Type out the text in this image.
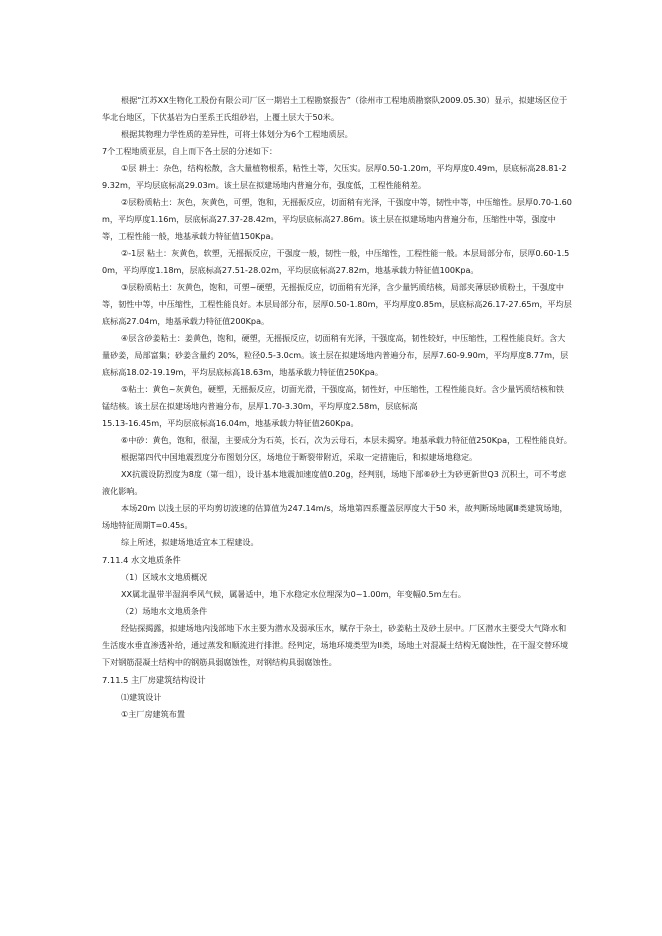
根据“江苏XX生物化工股份有限公司厂区一期岩土工程勘察报告”（徐州市工程地质勘察队2009.05.30）显示，拟建场区位于华北台地区，下伏基岩为白垩系王氏组砂岩，上覆土层大于50米。

根据其物理力学性质的差异性，可将土体划分为6个工程地质层。

7个工程地质亚层，自上而下各土层的分述如下：

①层 耕土：杂色，结构松散，含大量植物根系，粘性土等，欠压实。层厚0.50-1.20m，平均厚度0.49m，层底标高28.81-29.32m，平均层底标高29.03m。该土层在拟建场地内普遍分布，强度低，工程性能稍差。

②层粉质粘土：灰色，灰黄色，可塑，饱和，无摇振反应，切面稍有光泽，干强度中等，韧性中等，中压缩性。层厚0.70-1.60m，平均厚度1.16m，层底标高27.37-28.42m，平均层底标高27.86m。该土层在拟建场地内普遍分布，压缩性中等，强度中等，工程性能一般，地基承载力特征值150Kpa。

②-1层 粘土：灰黄色，软塑，无摇振反应，干强度一般，韧性一般，中压缩性，工程性能一般。本层局部分布，层厚0.60-1.50m，平均厚度1.18m，层底标高27.51-28.02m，平均层底标高27.82m，地基承载力特征值100Kpa。

③层粉质粘土：灰黄色，饱和，可塑~硬塑，无摇振反应，切面稍有光泽，含少量钙质结核，局部夹薄层砂质粉土，干强度中等，韧性中等，中压缩性，工程性能良好。本层局部分布，层厚0.50-1.80m，平均厚度0.85m，层底标高26.17-27.65m，平均层底标高27.04m，地基承载力特征值200Kpa。

④层含砂姜粘土：姜黄色，饱和，硬塑，无摇振反应，切面稍有光泽，干强度高，韧性较好，中压缩性，工程性能良好。含大量砂姜，局部富集；砂姜含量约 20%，粒径0.5-3.0cm。该土层在拟建场地内普遍分布，层厚7.60-9.90m，平均厚度8.77m，层底标高18.02-19.19m，平均层底标高18.63m，地基承载力特征值250Kpa。

⑤粘土：黄色~灰黄色，硬塑，无摇振反应，切面光滑，干强度高，韧性好，中压缩性，工程性能良好。含少量钙质结核和铁锰结核。该土层在拟建场地内普遍分布，层厚1.70-3.30m，平均厚度2.58m，层底标高

15.13-16.45m，平均层底标高16.04m，地基承载力特征值260Kpa。

⑥中砂：黄色，饱和，很湿，主要成分为石英，长石，次为云母石，本层未揭穿。地基承载力特征值250Kpa，工程性能良好。

根据第四代中国地震烈度分布图划分区，场地位于断裂带附近，采取一定措施后，和拟建场地稳定。

XX抗震设防烈度为8度（第一组），设计基本地震加速度值0.20g，经判别，场地下部⑥砂土为砂更新世Q3 沉积土，可不考虑液化影响。

本场20m 以浅土层的平均剪切波速的估算值为247.14m/s，场地第四系覆盖层厚度大于50 米，故判断场地属Ⅲ类建筑场地，场地特征周期T=0.45s。

综上所述，拟建场地适宜本工程建设。

7.11.4 水文地质条件

（1）区域水文地质概况

XX属北温带半湿润季风气候，属暑适中，地下水稳定水位埋深为0~1.00m，年变幅0.5m左右。

（2）场地水文地质条件

经钻探揭露，拟建场地内浅部地下水主要为潜水及弱承压水，赋存于杂土，砂姜粘土及砂土层中。厂区潜水主要受大气降水和生活废水垂直渗透补给，通过蒸发和顺流进行排泄。经判定，场地环境类型为II类，场地土对混凝土结构无腐蚀性，在干湿交替环境下对钢筋混凝土结构中的钢筋具弱腐蚀性，对钢结构具弱腐蚀性。

7.11.5 主厂房建筑结构设计

⑴建筑设计

①主厂房建筑布置
